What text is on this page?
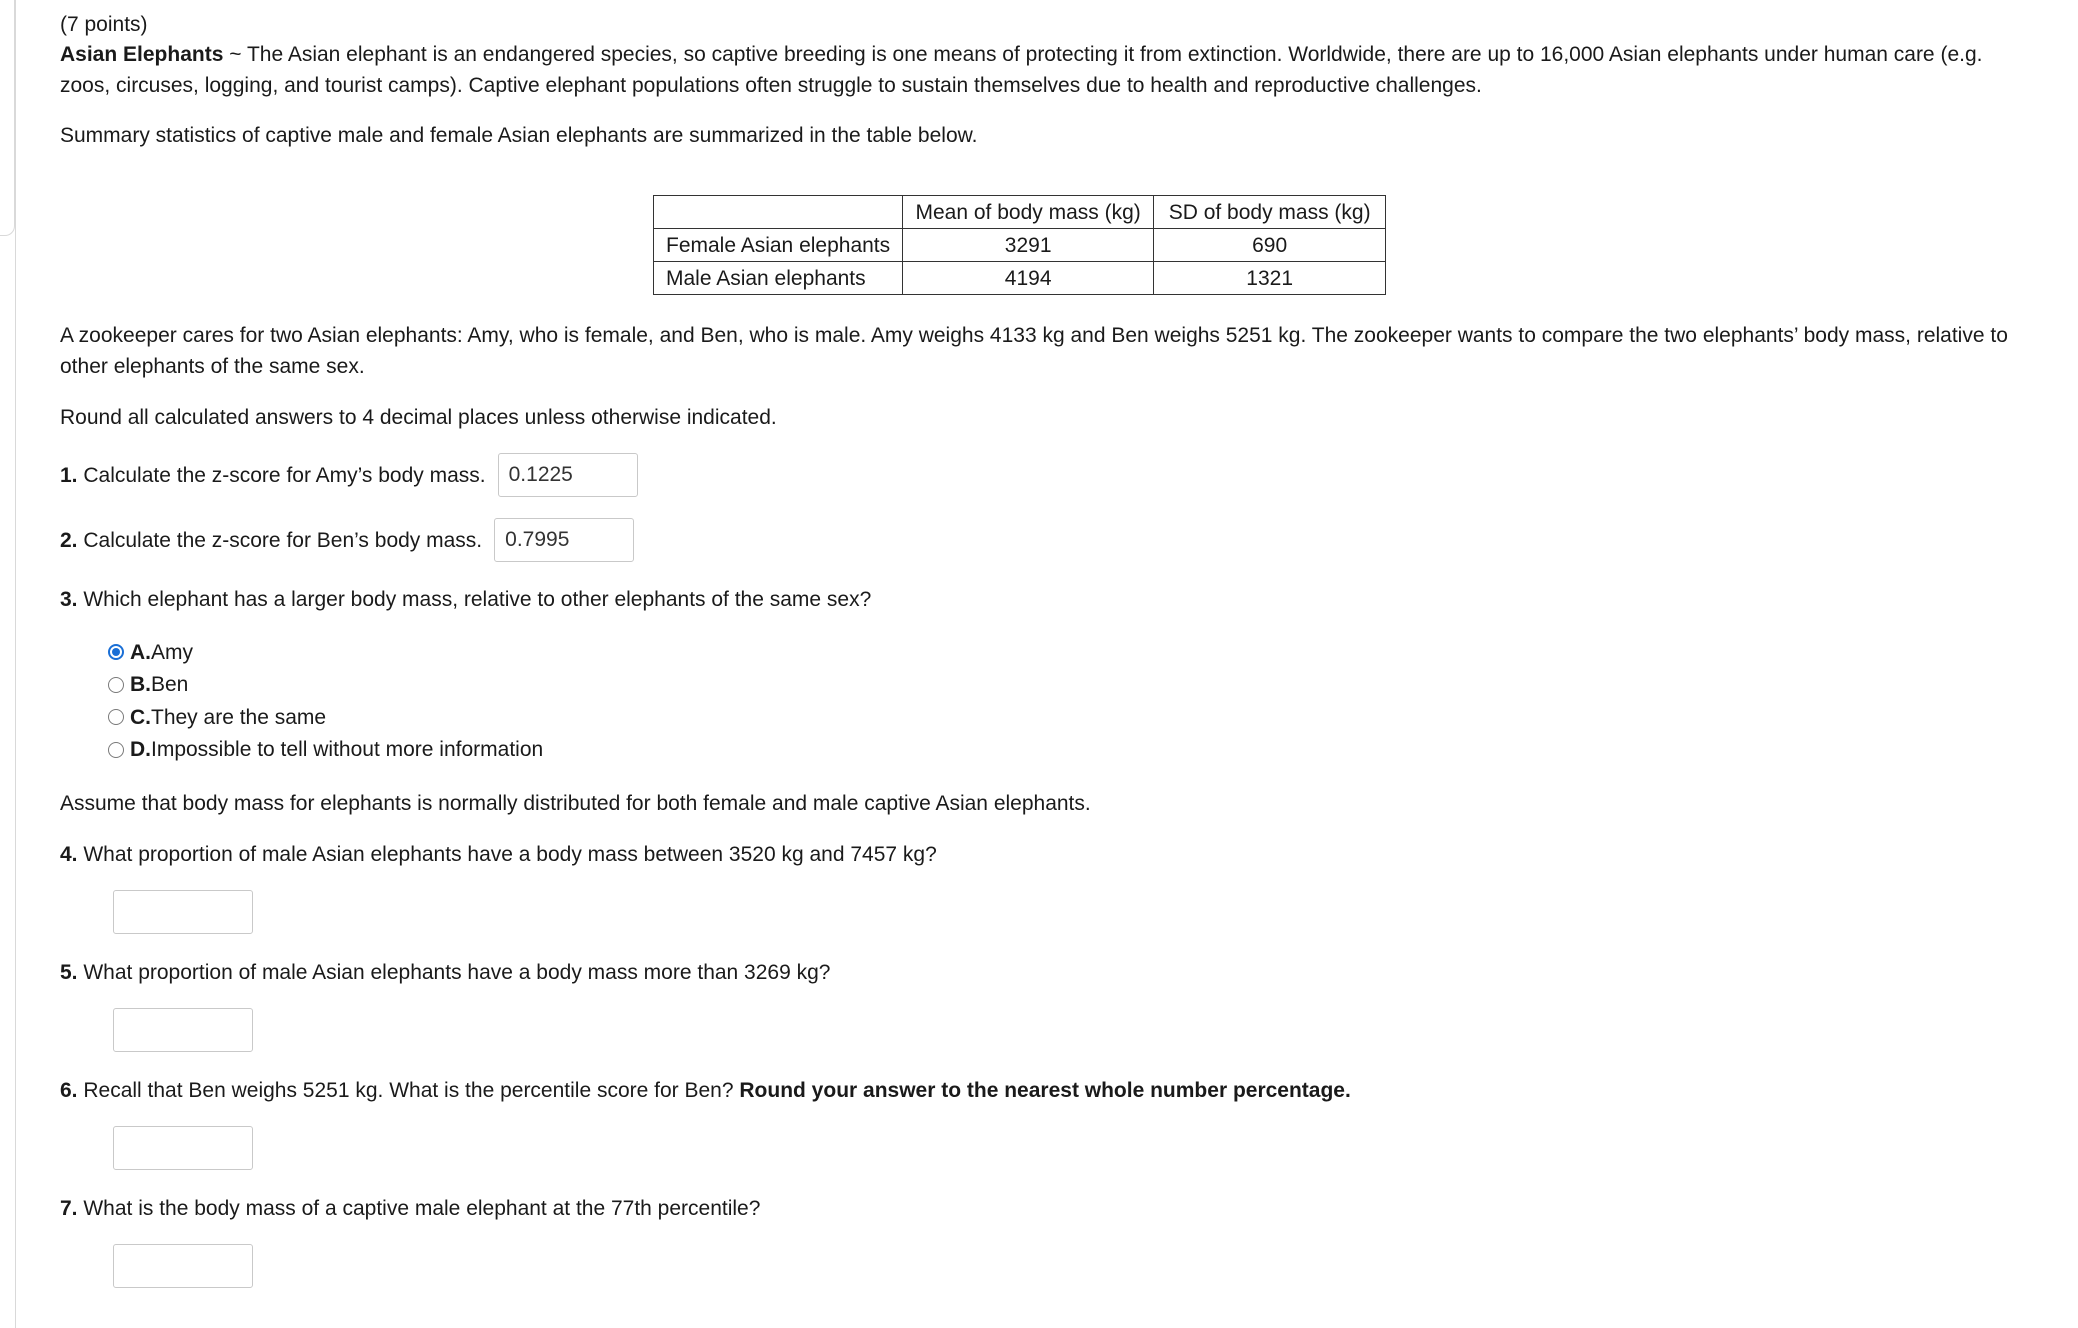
(7 points)
Asian Elephants ~ The Asian elephant is an endangered species, so captive breeding is one means of protecting it from extinction. Worldwide, there are up to 16,000 Asian elephants under human care (e.g. zoos, circuses, logging, and tourist camps). Captive elephant populations often struggle to sustain themselves due to health and reproductive challenges.
Summary statistics of captive male and female Asian elephants are summarized in the table below.
	Mean of body mass (kg)	SD of body mass (kg)
Female Asian elephants	3291	690
Male Asian elephants	4194	1321
A zookeeper cares for two Asian elephants: Amy, who is female, and Ben, who is male. Amy weighs 4133 kg and Ben weighs 5251 kg. The zookeeper wants to compare the two elephants’ body mass, relative to other elephants of the same sex.
Round all calculated answers to 4 decimal places unless otherwise indicated.
1. Calculate the z-score for Amy’s body mass.
0.1225
2. Calculate the z-score for Ben’s body mass.
0.7995
3. Which elephant has a larger body mass, relative to other elephants of the same sex?
A. Amy
B. Ben
C. They are the same
D. Impossible to tell without more information
Assume that body mass for elephants is normally distributed for both female and male captive Asian elephants.
4. What proportion of male Asian elephants have a body mass between 3520 kg and 7457 kg?
5. What proportion of male Asian elephants have a body mass more than 3269 kg?
6. Recall that Ben weighs 5251 kg. What is the percentile score for Ben? Round your answer to the nearest whole number percentage.
7. What is the body mass of a captive male elephant at the 77th percentile?
